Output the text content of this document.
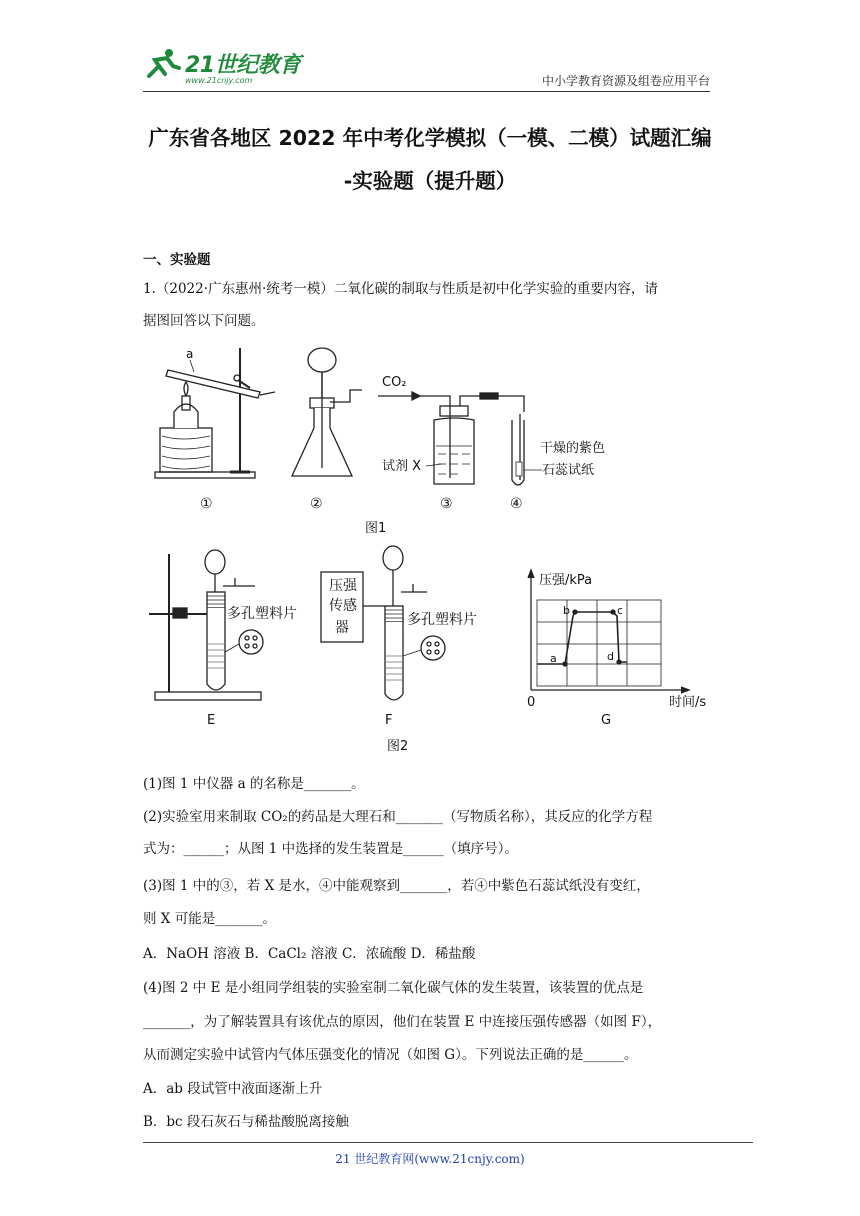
21世纪教育
www.21cnjy.com	中小学教育资源及组卷应用平台
广东省各地区 2022 年中考化学模拟（一模、二模）试题汇编
-实验题（提升题）
一、实验题
1.（2022·广东惠州·统考一模）二氧化碳的制取与性质是初中化学实验的重要内容，请
据图回答以下问题。
a
CO₂
试剂 X
干燥的紫色
石蕊试纸
①	②	③	④
图1
多孔塑料片
E
压强
传感
器	多孔塑料片
F
压强/kPa
时间/s
0
a
b	c
d
G
图2
(1)图 1 中仪器 a 的名称是_______。
(2)实验室用来制取 CO₂的药品是大理石和_______（写物质名称），其反应的化学方程
式为：______；从图 1 中选择的发生装置是______（填序号）。
(3)图 1 中的③，若 X 是水，④中能观察到_______，若④中紫色石蕊试纸没有变红，
则 X 可能是_______。
A．NaOH 溶液 B．CaCl₂ 溶液 C．浓硫酸 D．稀盐酸
(4)图 2 中 E 是小组同学组装的实验室制二氧化碳气体的发生装置，该装置的优点是
_______，为了解装置具有该优点的原因，他们在装置 E 中连接压强传感器（如图 F），
从而测定实验中试管内气体压强变化的情况（如图 G）。下列说法正确的是______。
A．ab 段试管中液面逐渐上升
B．bc 段石灰石与稀盐酸脱离接触
21 世纪教育网(www.21cnjy.com)
